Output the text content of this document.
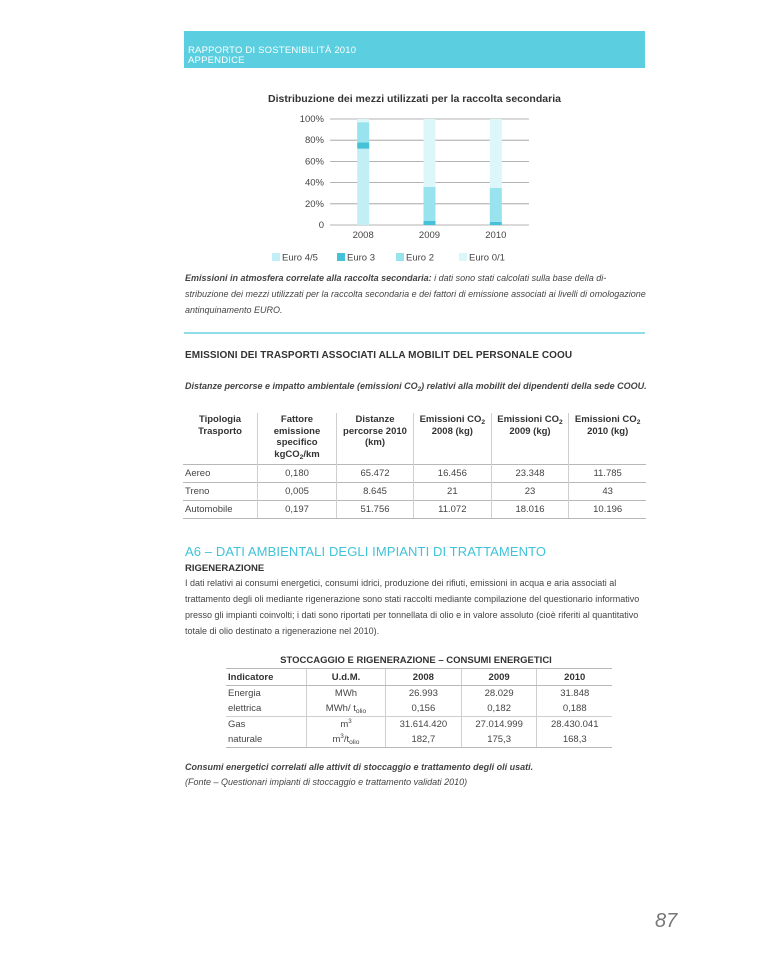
RAPPORTO DI SOSTENIBILITÀ 2010
APPENDICE
Distribuzione dei mezzi utilizzati per la raccolta secondaria
0
20%
40%
60%
80%
100%
2008	2009	2010
Euro 4/5	Euro 3	Euro 2	Euro 0/1
Emissioni in atmosfera correlate alla raccolta secondaria: i dati sono stati calcolati sulla base della di- stribuzione dei mezzi utilizzati per la raccolta secondaria e dei fattori di emissione associati ai livelli di omologazione antinquinamento EURO.
EMISSIONI DEI TRASPORTI ASSOCIATI ALLA MOBILIT DEL PERSONALE COOU
Distanze percorse e impatto ambientale (emissioni $CO_2$) relativi alla mobilit dei dipendenti della sede COOU.
Tipologia Trasporto	Fattore emissione specifico kgCO$_2$/km	Distanze percorse 2010 (km)	Emissioni $CO_2$ 2008 (kg)	Emissioni $CO_2$ 2009 (kg)	Emissioni $CO_2$ 2010 (kg)
Aereo	0,180	65.472	16.456	23.348	11.785
Treno	0,005	8.645	21	23	43
Automobile	0,197	51.756	11.072	18.016	10.196
A6 – DATI AMBIENTALI DEGLI IMPIANTI DI TRATTAMENTO
RIGENERAZIONE
I dati relativi ai consumi energetici, consumi idrici, produzione dei rifiuti, emissioni in acqua e aria associati al trattamento degli oli mediante rigenerazione sono stati raccolti mediante compilazione del questionario informativo presso gli impianti coinvolti; i dati sono riportati per tonnellata di olio e in valore assoluto (cioè riferiti al quantitativo totale di olio destinato a rigenerazione nel 2010).
STOCCAGGIO E RIGENERAZIONE – CONSUMI ENERGETICI
Indicatore	U.d.M.	2008	2009	2010
Energia	MWh	26.993	28.029	31.848
elettrica	MWh/ $t_{olio}$	0,156	0,182	0,188
Gas	$m^3$	31.614.420	27.014.999	28.430.041
naturale	$m^3/t_{olio}$	182,7	175,3	168,3
Consumi energetici correlati alle attivit di stoccaggio e trattamento degli oli usati.
(Fonte – Questionari impianti di stoccaggio e trattamento validati 2010)
87
